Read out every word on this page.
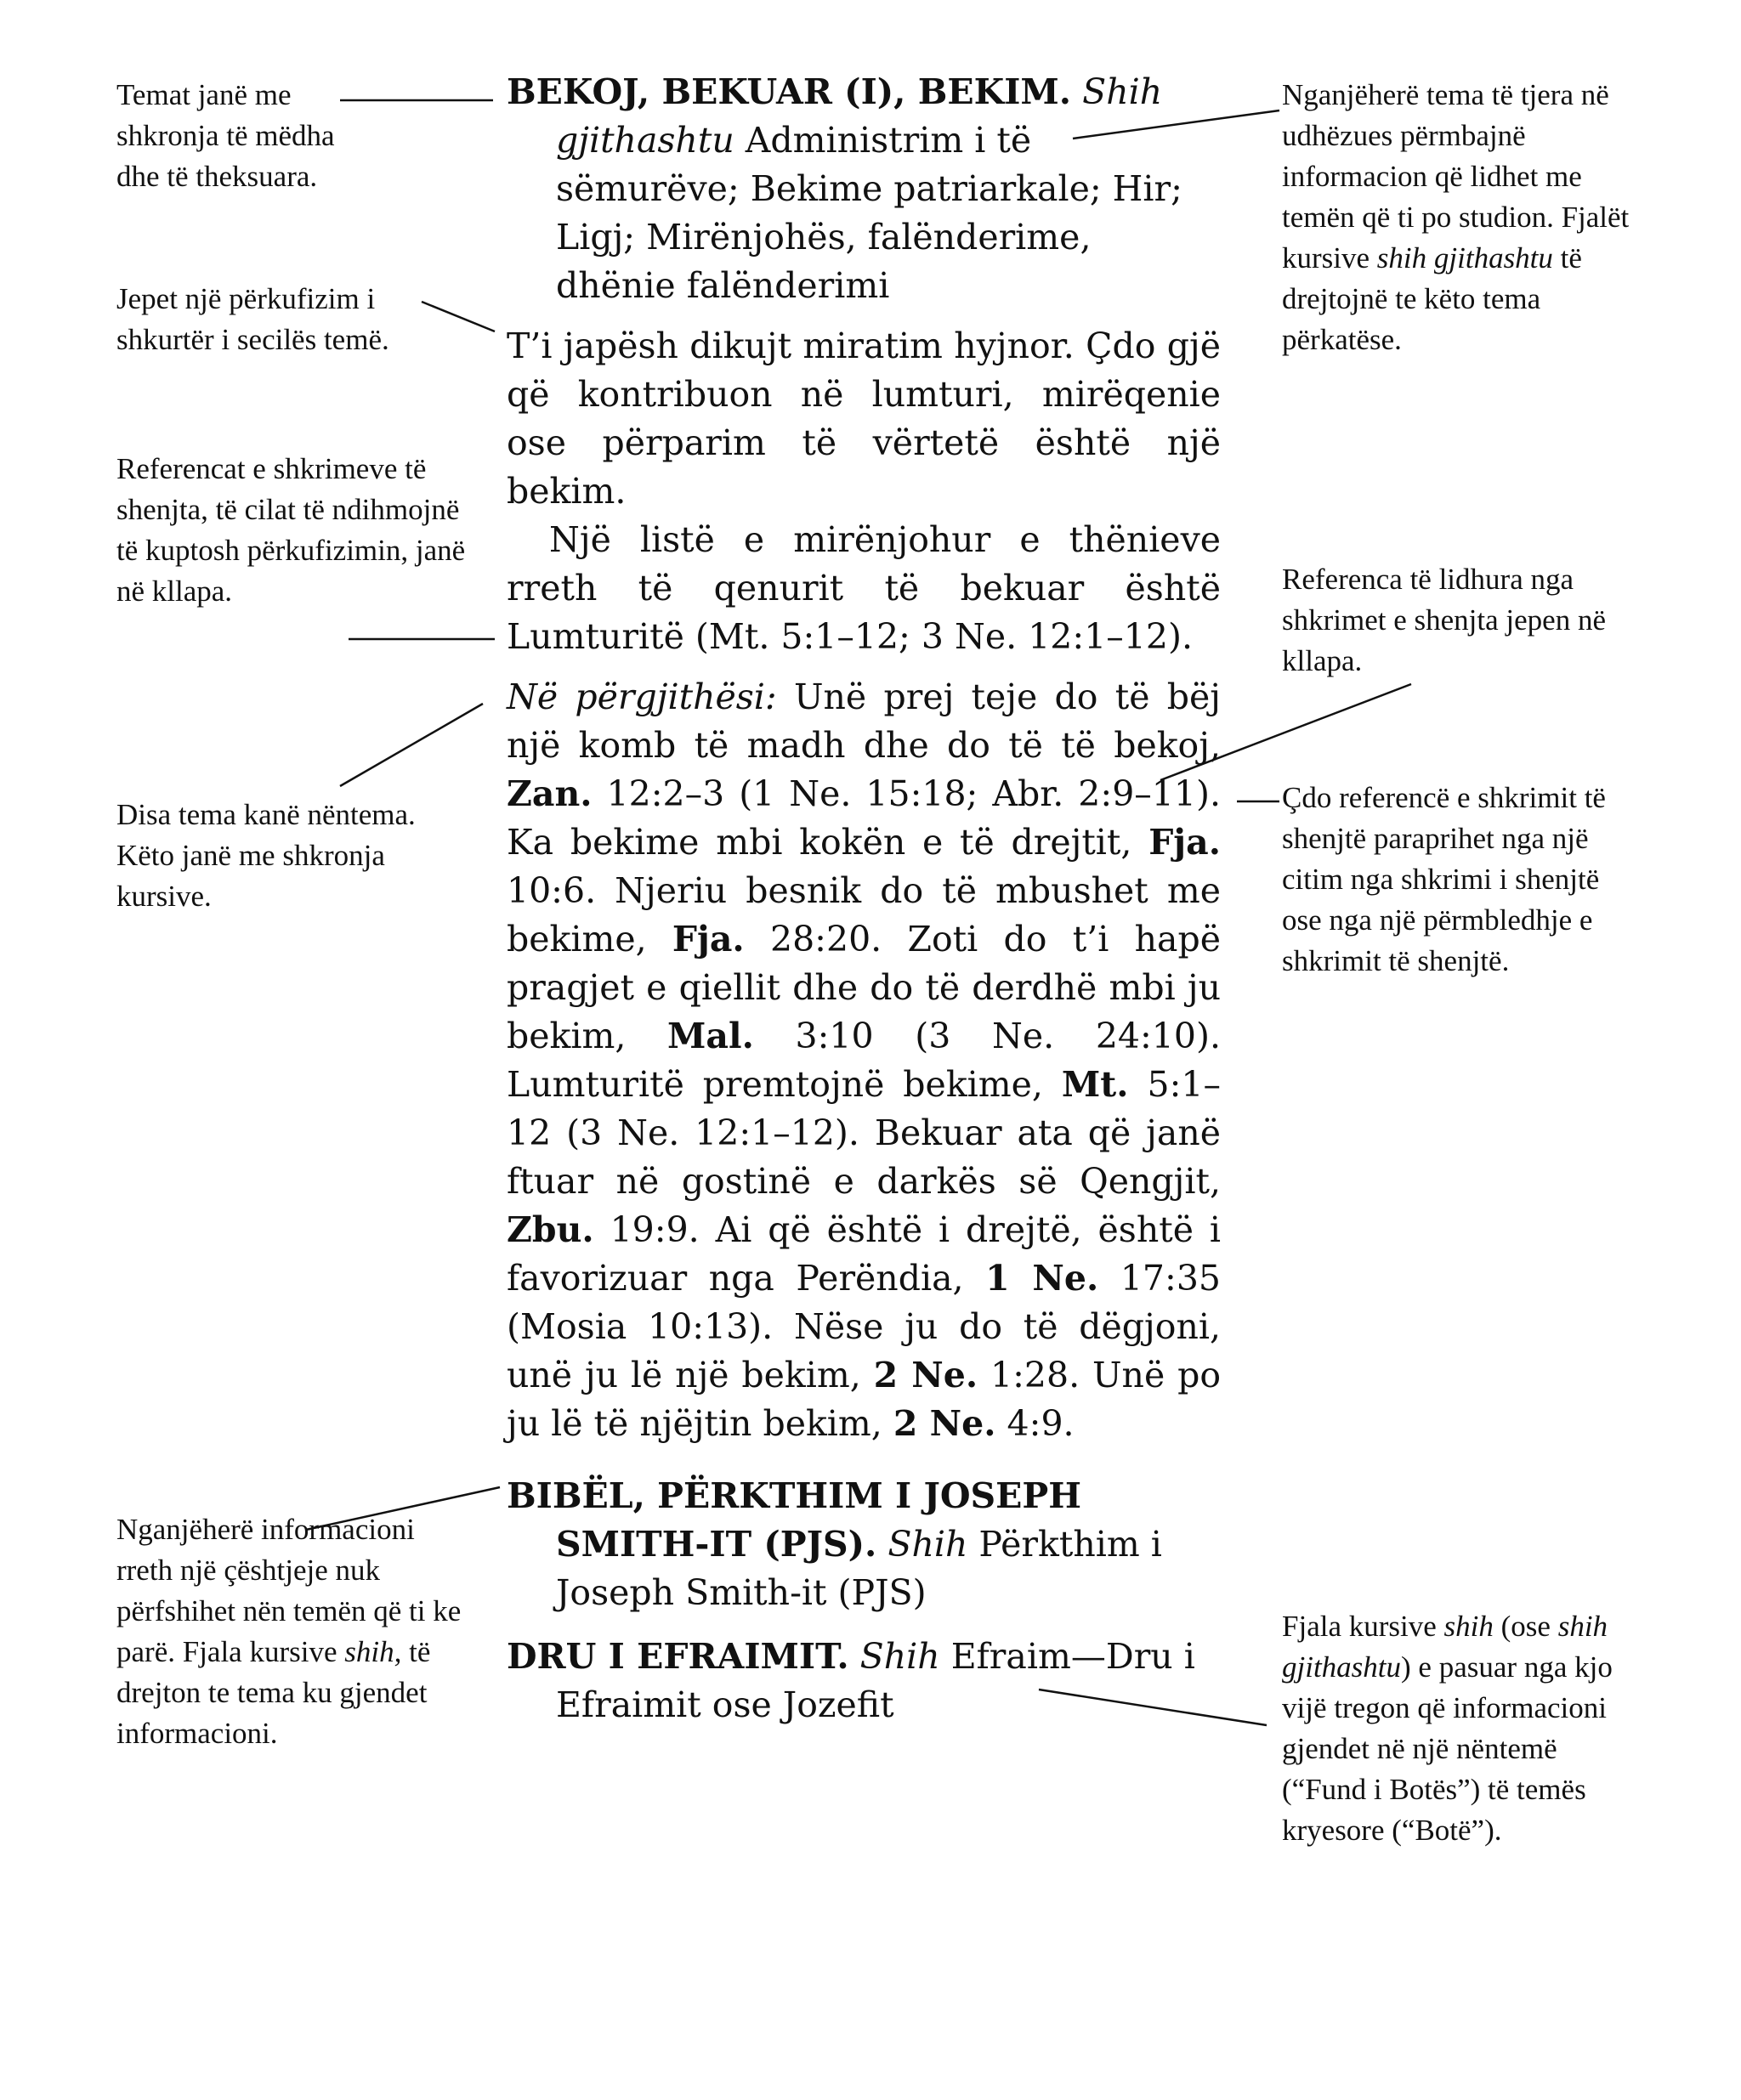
Temat janë me shkronja të mëdha dhe të theksuara.
Jepet një përkufizim i shkurtër i secilës temë.
Referencat e shkrimeve të shenjta, të cilat të ndihmojnë të kuptosh përkufizimin, janë në kllapa.
Disa tema kanë nëntema. Këto janë me shkronja kursive.
Nganjëherë informacioni rreth një çështjeje nuk përfshihet nën temën që ti ke parë. Fjala kursive shih, të drejton te tema ku gjendet informacioni.
Nganjëherë tema të tjera në udhëzues përmbajnë informacion që lidhet me temën që ti po studion. Fjalët kursive shih gjithashtu të drejtojnë te këto tema përkatëse.
Referenca të lidhura nga shkrimet e shenjta jepen në kllapa.
Çdo referencë e shkrimit të shenjtë paraprihet nga një citim nga shkrimi i shenjtë ose nga një përmbledhje e shkrimit të shenjtë.
Fjala kursive shih (ose shih gjithashtu) e pasuar nga kjo vijë tregon që informacioni gjendet në një nëntemë (“Fund i Botës”) të temës kryesore (“Botë”).

BEKOJ, BEKUAR (I), BEKIM. Shih gjithashtu Administrim i të sëmurëve; Bekime patriarkale; Hir; Ligj; Mirënjohës, falënderime, dhënie falënderimi

T’i japësh dikujt miratim hyjnor. Çdo gjë që kontribuon në lumturi, mirëqenie ose përparim të vërtetë është një bekim.

Një listë e mirënjohur e thënieve rreth të qenurit të bekuar është Lumturitë (Mt. 5:1–12; 3 Ne. 12:1–12).

Në përgjithësi: Unë prej teje do të bëj një komb të madh dhe do të të bekoj, Zan. 12:2–3 (1 Ne. 15:18; Abr. 2:9–11). Ka bekime mbi kokën e të drejtit, Fja. 10:6. Njeriu besnik do të mbushet me bekime, Fja. 28:20. Zoti do t’i hapë pragjet e qiellit dhe do të derdhë mbi ju bekim, Mal. 3:10 (3 Ne. 24:10). Lumturitë premtojnë bekime, Mt. 5:1–12 (3 Ne. 12:1–12). Bekuar ata që janë ftuar në gostinë e darkës së Qengjit, Zbu. 19:9. Ai që është i drejtë, është i favorizuar nga Perëndia, 1 Ne. 17:35 (Mosia 10:13). Nëse ju do të dëgjoni, unë ju lë një bekim, 2 Ne. 1:28. Unë po ju lë të njëjtin bekim, 2 Ne. 4:9.

BIBËL, PËRKTHIM I JOSEPH SMITH-IT (PJS). Shih Përkthim i Joseph Smith-it (PJS)

DRU I EFRAIMIT. Shih Efraim—Dru i Efraimit ose Jozefit
